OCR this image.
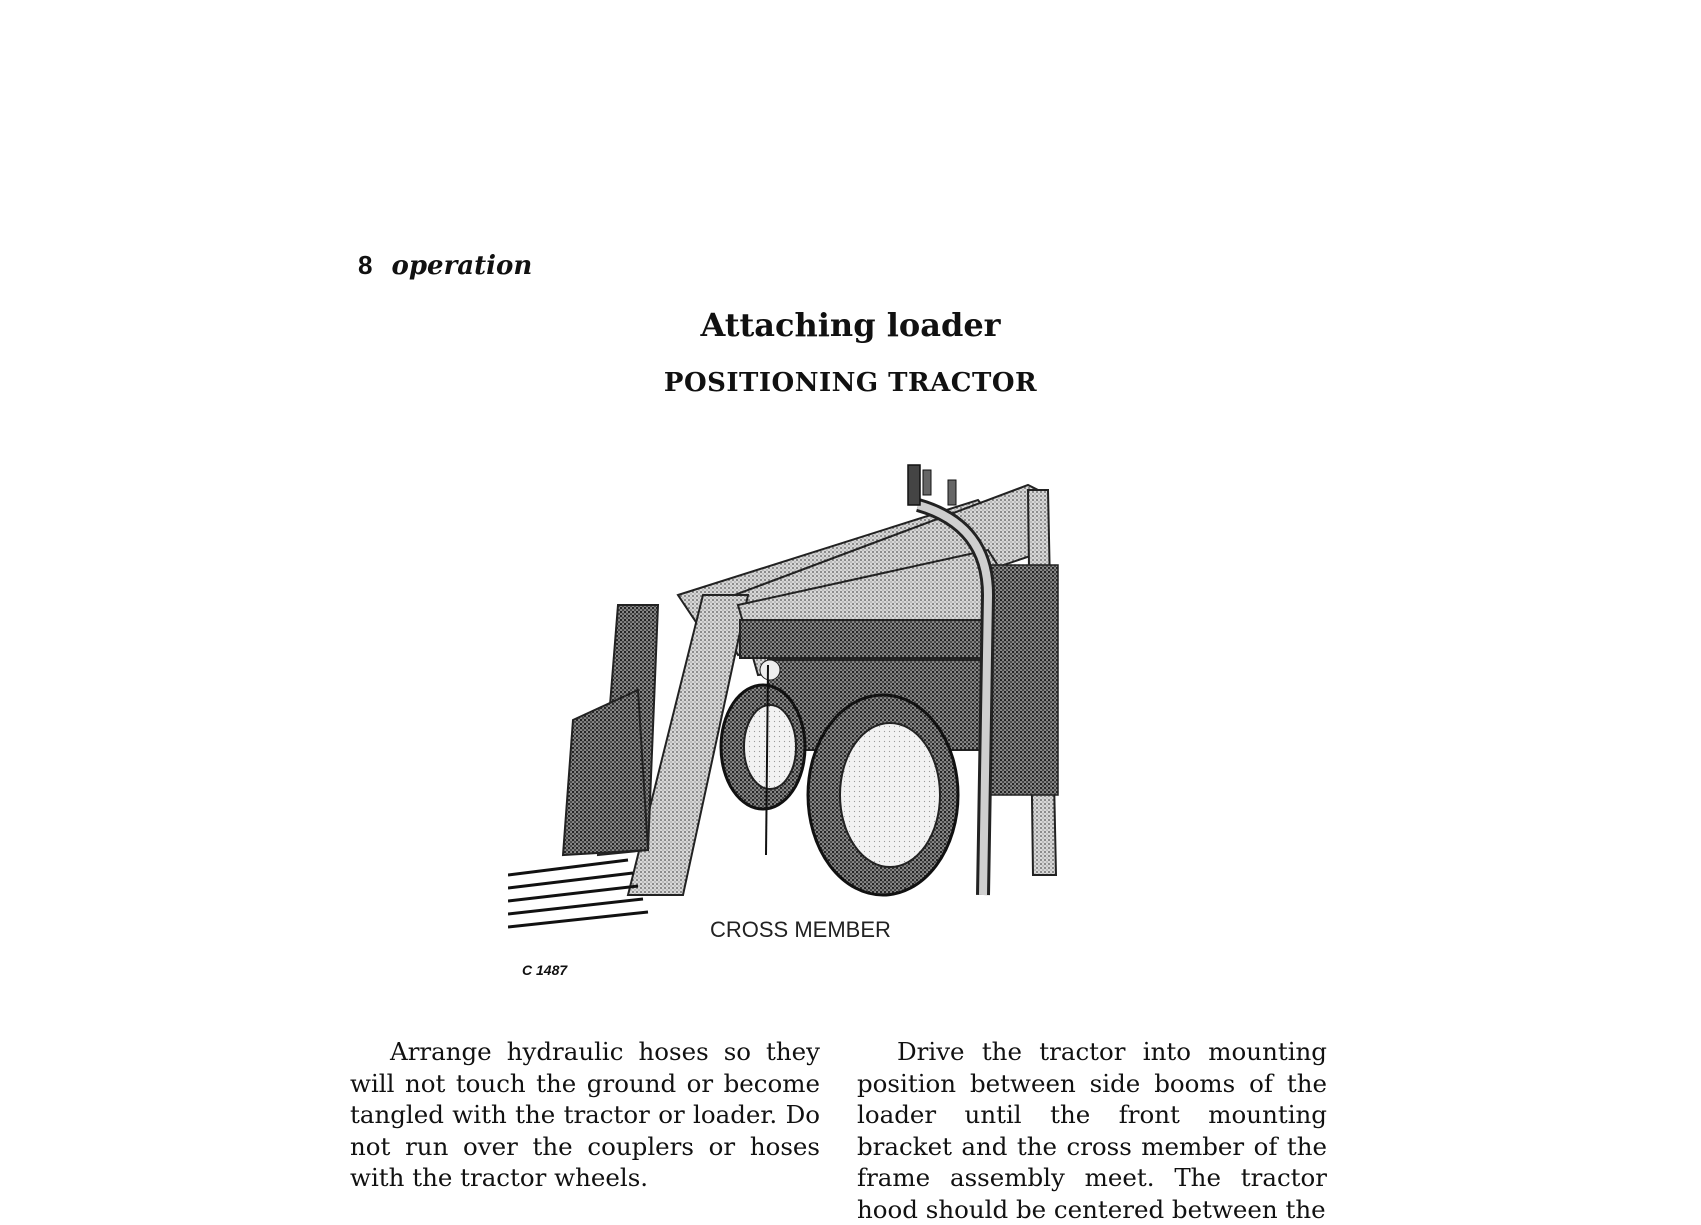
8 operation
Attaching loader
POSITIONING TRACTOR
CROSS MEMBER
C 1487

Arrange hydraulic hoses so they will not touch the ground or become tangled with the tractor or loader. Do not run over the couplers or hoses with the tractor wheels.

Drive the tractor into mounting position between side booms of the loader until the front mounting bracket and the cross member of the frame assembly meet. The tractor hood should be centered between the
